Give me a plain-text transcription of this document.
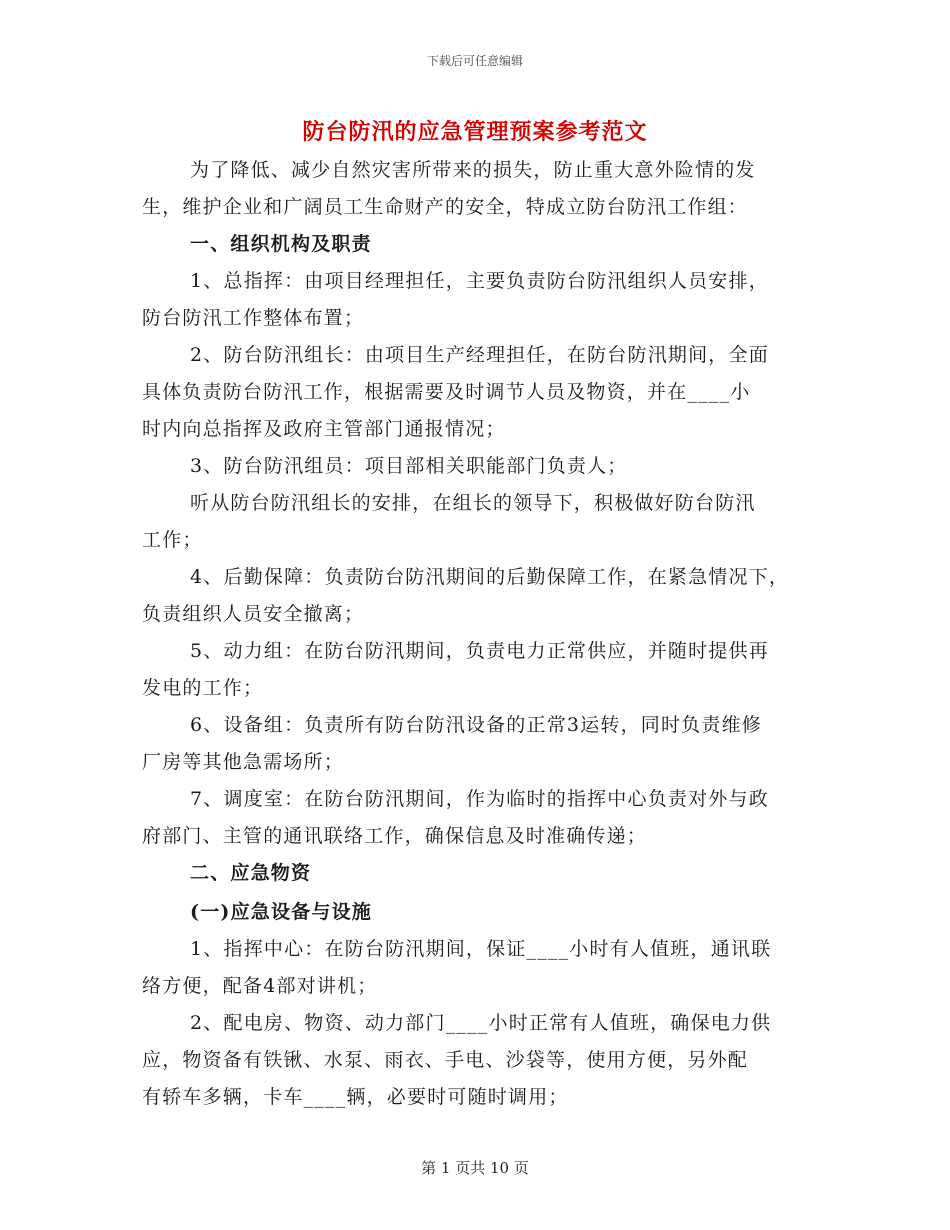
下载后可任意编辑
防台防汛的应急管理预案参考范文
为了降低、减少自然灾害所带来的损失，防止重大意外险情的发
生，维护企业和广阔员工生命财产的安全，特成立防台防汛工作组：
一、组织机构及职责
1、总指挥：由项目经理担任，主要负责防台防汛组织人员安排，
防台防汛工作整体布置；
2、防台防汛组长：由项目生产经理担任，在防台防汛期间，全面
具体负责防台防汛工作，根据需要及时调节人员及物资，并在____小
时内向总指挥及政府主管部门通报情况；
3、防台防汛组员：项目部相关职能部门负责人；
听从防台防汛组长的安排，在组长的领导下，积极做好防台防汛
工作；
4、后勤保障：负责防台防汛期间的后勤保障工作，在紧急情况下，
负责组织人员安全撤离；
5、动力组：在防台防汛期间，负责电力正常供应，并随时提供再
发电的工作；
6、设备组：负责所有防台防汛设备的正常3运转，同时负责维修
厂房等其他急需场所；
7、调度室：在防台防汛期间，作为临时的指挥中心负责对外与政
府部门、主管的通讯联络工作，确保信息及时准确传递；
二、应急物资
(一)应急设备与设施
1、指挥中心：在防台防汛期间，保证____小时有人值班，通讯联
络方便，配备4部对讲机；
2、配电房、物资、动力部门____小时正常有人值班，确保电力供
应，物资备有铁锹、水泵、雨衣、手电、沙袋等，使用方便，另外配
有轿车多辆，卡车____辆，必要时可随时调用；
第 1 页共 10 页
